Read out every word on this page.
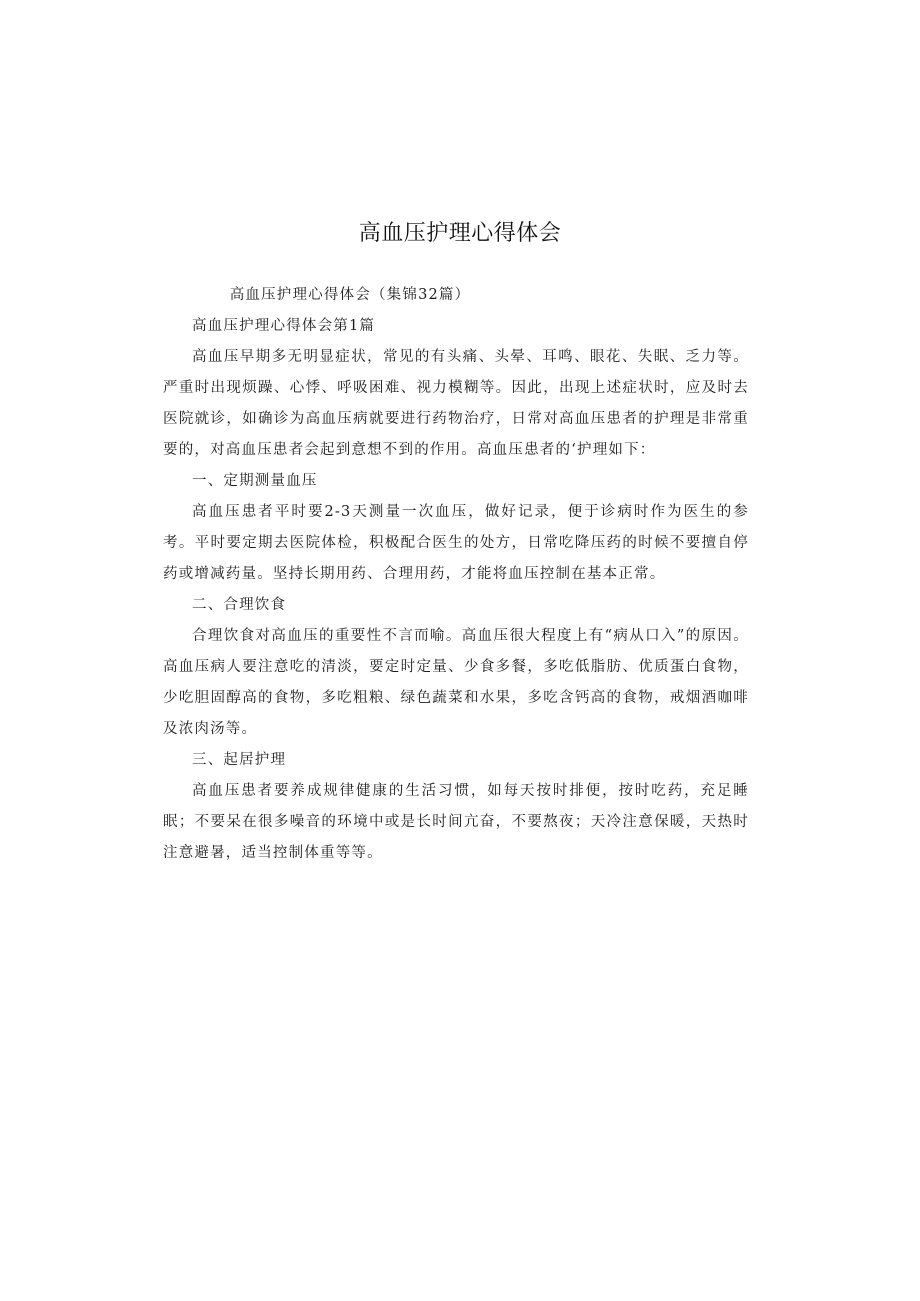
高血压护理心得体会

高血压护理心得体会（集锦32篇）

高血压护理心得体会第1篇

高血压早期多无明显症状，常见的有头痛、头晕、耳鸣、眼花、失眠、乏力等。严重时出现烦躁、心悸、呼吸困难、视力模糊等。因此，出现上述症状时，应及时去医院就诊，如确诊为高血压病就要进行药物治疗，日常对高血压患者的护理是非常重要的，对高血压患者会起到意想不到的作用。高血压患者的‘护理如下：

一、定期测量血压

高血压患者平时要2-3天测量一次血压，做好记录，便于诊病时作为医生的参考。平时要定期去医院体检，积极配合医生的处方，日常吃降压药的时候不要擅自停药或增减药量。坚持长期用药、合理用药，才能将血压控制在基本正常。

二、合理饮食

合理饮食对高血压的重要性不言而喻。高血压很大程度上有“病从口入”的原因。高血压病人要注意吃的清淡，要定时定量、少食多餐，多吃低脂肪、优质蛋白食物，少吃胆固醇高的食物，多吃粗粮、绿色蔬菜和水果，多吃含钙高的食物，戒烟酒咖啡及浓肉汤等。

三、起居护理

高血压患者要养成规律健康的生活习惯，如每天按时排便，按时吃药，充足睡眠；不要呆在很多噪音的环境中或是长时间亢奋，不要熬夜；天冷注意保暖，天热时注意避暑，适当控制体重等等。
